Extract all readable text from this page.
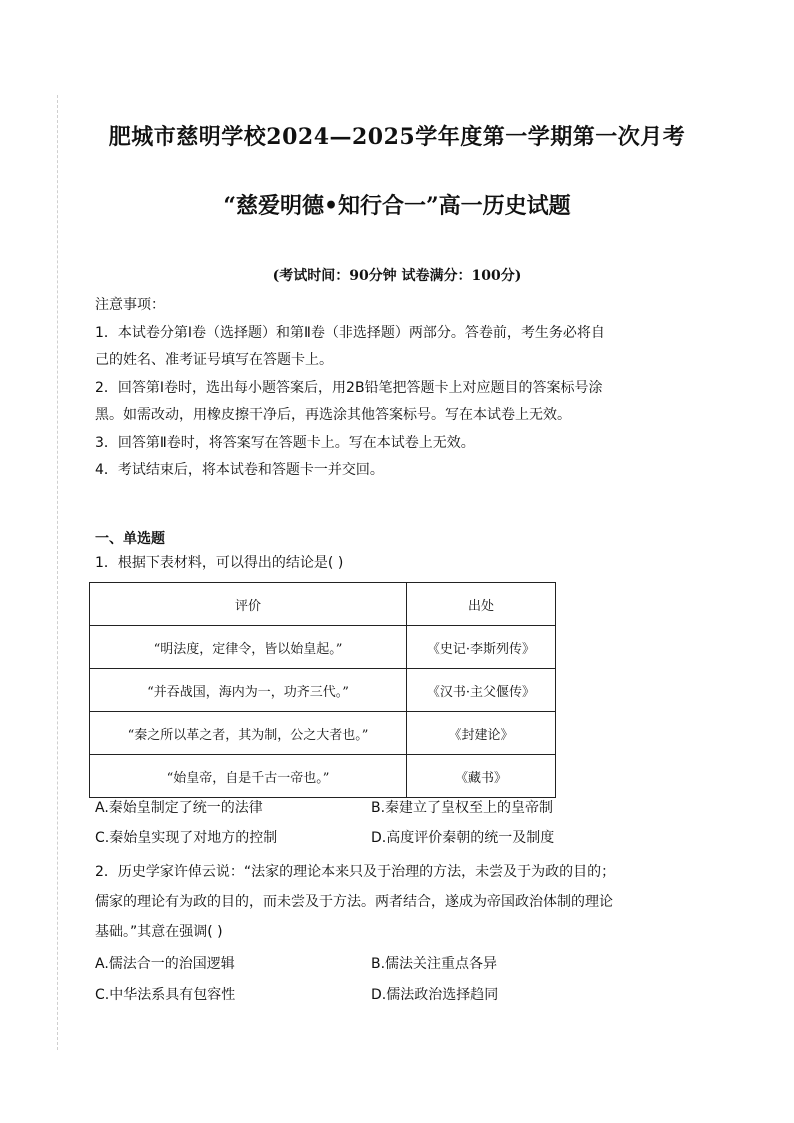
肥城市慈明学校2024—2025学年度第一学期第一次月考
“慈爱明德•知行合一”高一历史试题
(考试时间：90分钟 试卷满分：100分)
注意事项：
1．本试卷分第Ⅰ卷（选择题）和第Ⅱ卷（非选择题）两部分。答卷前，考生务必将自
己的姓名、准考证号填写在答题卡上。
2．回答第Ⅰ卷时，选出每小题答案后，用2B铅笔把答题卡上对应题目的答案标号涂
黑。如需改动，用橡皮擦干净后，再选涂其他答案标号。写在本试卷上无效。
3．回答第Ⅱ卷时，将答案写在答题卡上。写在本试卷上无效。
4．考试结束后，将本试卷和答题卡一并交回。
一、单选题
1．根据下表材料，可以得出的结论是( )
评价	出处
“明法度，定律令，皆以始皇起。”	《史记·李斯列传》
“并吞战国，海内为一，功齐三代。”	《汉书·主父偃传》
“秦之所以革之者，其为制，公之大者也。”	《封建论》
“始皇帝，自是千古一帝也。”	《藏书》
A.秦始皇制定了统一的法律	B.秦建立了皇权至上的皇帝制
C.秦始皇实现了对地方的控制	D.高度评价秦朝的统一及制度
2．历史学家许倬云说：“法家的理论本来只及于治理的方法，未尝及于为政的目的；
儒家的理论有为政的目的，而未尝及于方法。两者结合，遂成为帝国政治体制的理论
基础。”其意在强调( )
A.儒法合一的治国逻辑	B.儒法关注重点各异
C.中华法系具有包容性	D.儒法政治选择趋同
